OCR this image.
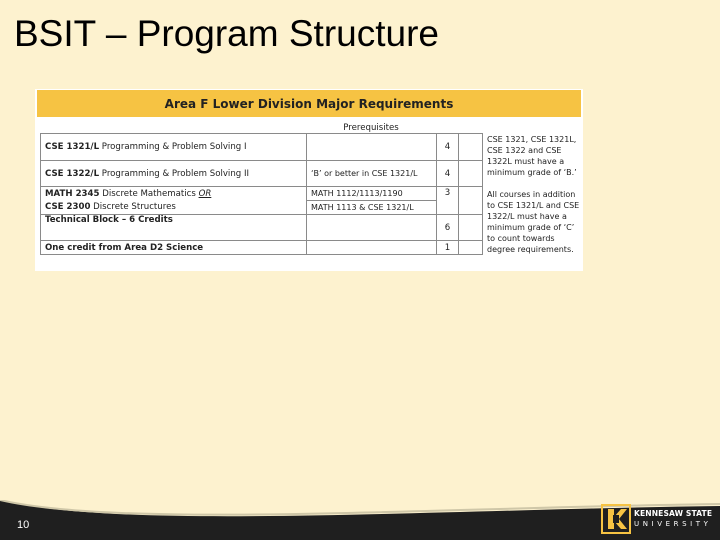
BSIT – Program Structure
Area F Lower Division Major Requirements
Prerequisites
CSE 1321/L Programming & Problem Solving I		4	
CSE 1322/L Programming & Problem Solving II	‘B’ or better in CSE 1321/L	4	
MATH 2345 Discrete Mathematics OR	MATH 1112/1113/1190	3	
CSE 2300 Discrete Structures	MATH 1113 & CSE 1321/L		
Technical Block – 6 Credits		6	
One credit from Area D2 Science		1	
CSE 1321, CSE 1321L, CSE 1322 and CSE 1322L must have a minimum grade of ‘B.’
All courses in addition to CSE 1321/L and CSE 1322/L must have a minimum grade of ‘C’ to count towards degree requirements.
10
KENNESAW STATE
UNIVERSITY
